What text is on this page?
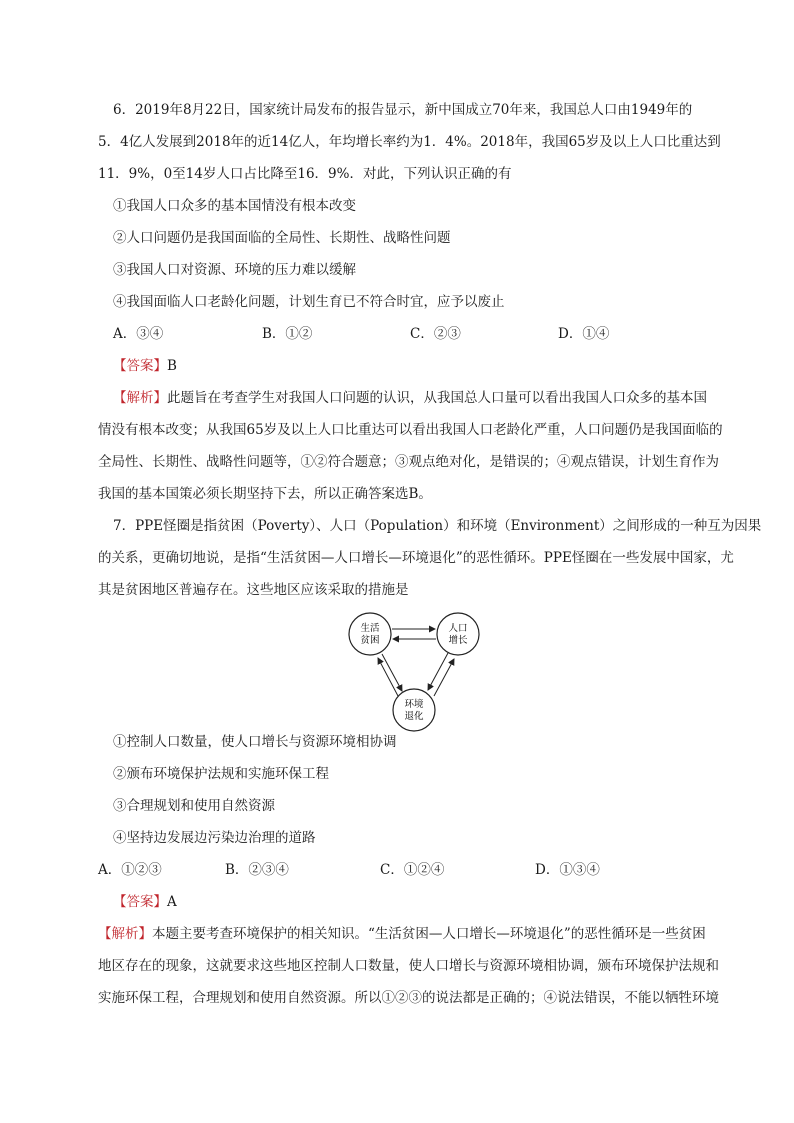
6．2019年8月22日，国家统计局发布的报告显示，新中国成立70年来，我国总人口由1949年的
5．4亿人发展到2018年的近14亿人，年均增长率约为1．4%。2018年，我国65岁及以上人口比重达到
11．9%，0至14岁人口占比降至16．9%．对此，下列认识正确的有
①我国人口众多的基本国情没有根本改变
②人口问题仍是我国面临的全局性、长期性、战略性问题
③我国人口对资源、环境的压力难以缓解
④我国面临人口老龄化问题，计划生育已不符合时宜，应予以废止
A．③④	B．①②	C．②③	D．①④
【答案】B
【解析】此题旨在考查学生对我国人口问题的认识，从我国总人口量可以看出我国人口众多的基本国
情没有根本改变；从我国65岁及以上人口比重达可以看出我国人口老龄化严重，人口问题仍是我国面临的
全局性、长期性、战略性问题等，①②符合题意；③观点绝对化，是错误的；④观点错误，计划生育作为
我国的基本国策必须长期坚持下去，所以正确答案选B。
7．PPE怪圈是指贫困（Poverty）、人口（Population）和环境（Environment）之间形成的一种互为因果
的关系，更确切地说，是指“生活贫困—人口增长—环境退化”的恶性循环。PPE怪圈在一些发展中国家，尤
其是贫困地区普遍存在。这些地区应该采取的措施是
生活
贫困
人口
增长
环境
退化
①控制人口数量，使人口增长与资源环境相协调
②颁布环境保护法规和实施环保工程
③合理规划和使用自然资源
④坚持边发展边污染边治理的道路
A．①②③	B．②③④	C．①②④	D．①③④
【答案】A
【解析】本题主要考查环境保护的相关知识。“生活贫困—人口增长—环境退化”的恶性循环是一些贫困
地区存在的现象，这就要求这些地区控制人口数量，使人口增长与资源环境相协调，颁布环境保护法规和
实施环保工程，合理规划和使用自然资源。所以①②③的说法都是正确的；④说法错误，不能以牺牲环境
